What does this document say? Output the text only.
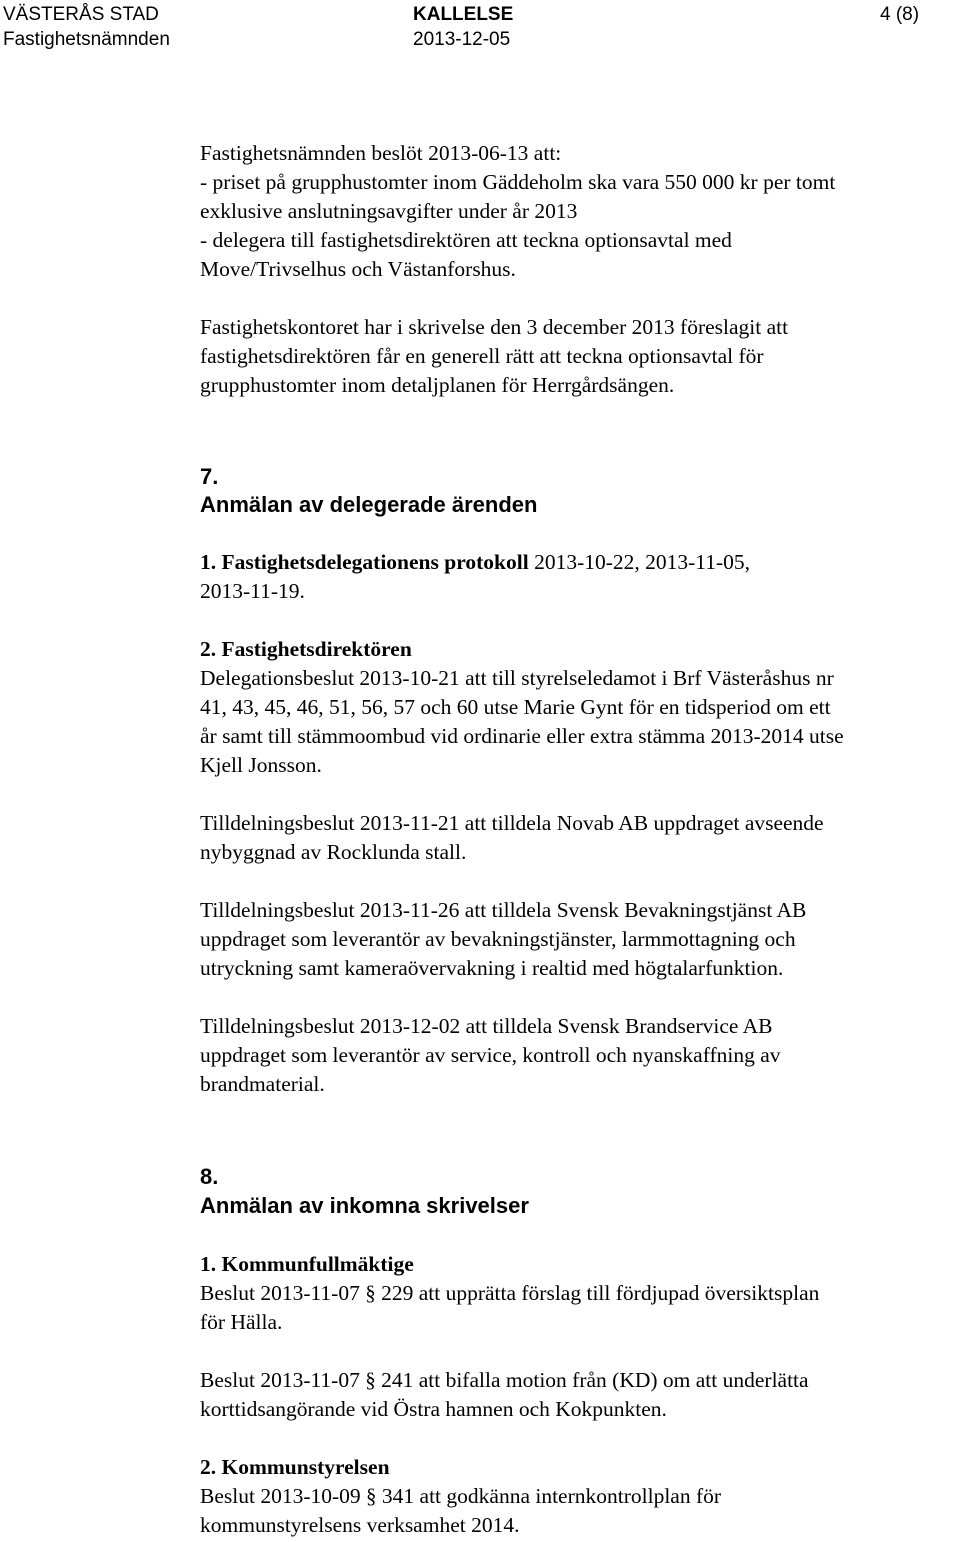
VÄSTERÅS STAD
Fastighetsnämnden
KALLELSE
2013-12-05
4 (8)

Fastighetsnämnden beslöt 2013-06-13 att:
- priset på grupphustomter inom Gäddeholm ska vara 550 000 kr per tomt
exklusive anslutningsavgifter under år 2013
- delegera till fastighetsdirektören att teckna optionsavtal med
Move/Trivselhus och Västanforshus.

Fastighetskontoret har i skrivelse den 3 december 2013 föreslagit att
fastighetsdirektören får en generell rätt att teckna optionsavtal för
grupphustomter inom detaljplanen för Herrgårdsängen.

7.
Anmälan av delegerade ärenden

1. Fastighetsdelegationens protokoll 2013-10-22, 2013-11-05,
2013-11-19.

2. Fastighetsdirektören
Delegationsbeslut 2013-10-21 att till styrelseledamot i Brf Västeråshus nr
41, 43, 45, 46, 51, 56, 57 och 60 utse Marie Gynt för en tidsperiod om ett
år samt till stämmoombud vid ordinarie eller extra stämma 2013-2014 utse
Kjell Jonsson.

Tilldelningsbeslut 2013-11-21 att tilldela Novab AB uppdraget avseende
nybyggnad av Rocklunda stall.

Tilldelningsbeslut 2013-11-26 att tilldela Svensk Bevakningstjänst AB
uppdraget som leverantör av bevakningstjänster, larmmottagning och
utryckning samt kameraövervakning i realtid med högtalarfunktion.

Tilldelningsbeslut 2013-12-02 att tilldela Svensk Brandservice AB
uppdraget som leverantör av service, kontroll och nyanskaffning av
brandmaterial.

8.
Anmälan av inkomna skrivelser

1. Kommunfullmäktige
Beslut 2013-11-07 § 229 att upprätta förslag till fördjupad översiktsplan
för Hälla.

Beslut 2013-11-07 § 241 att bifalla motion från (KD) om att underlätta
korttidsangörande vid Östra hamnen och Kokpunkten.

2. Kommunstyrelsen
Beslut 2013-10-09 § 341 att godkänna internkontrollplan för
kommunstyrelsens verksamhet 2014.
